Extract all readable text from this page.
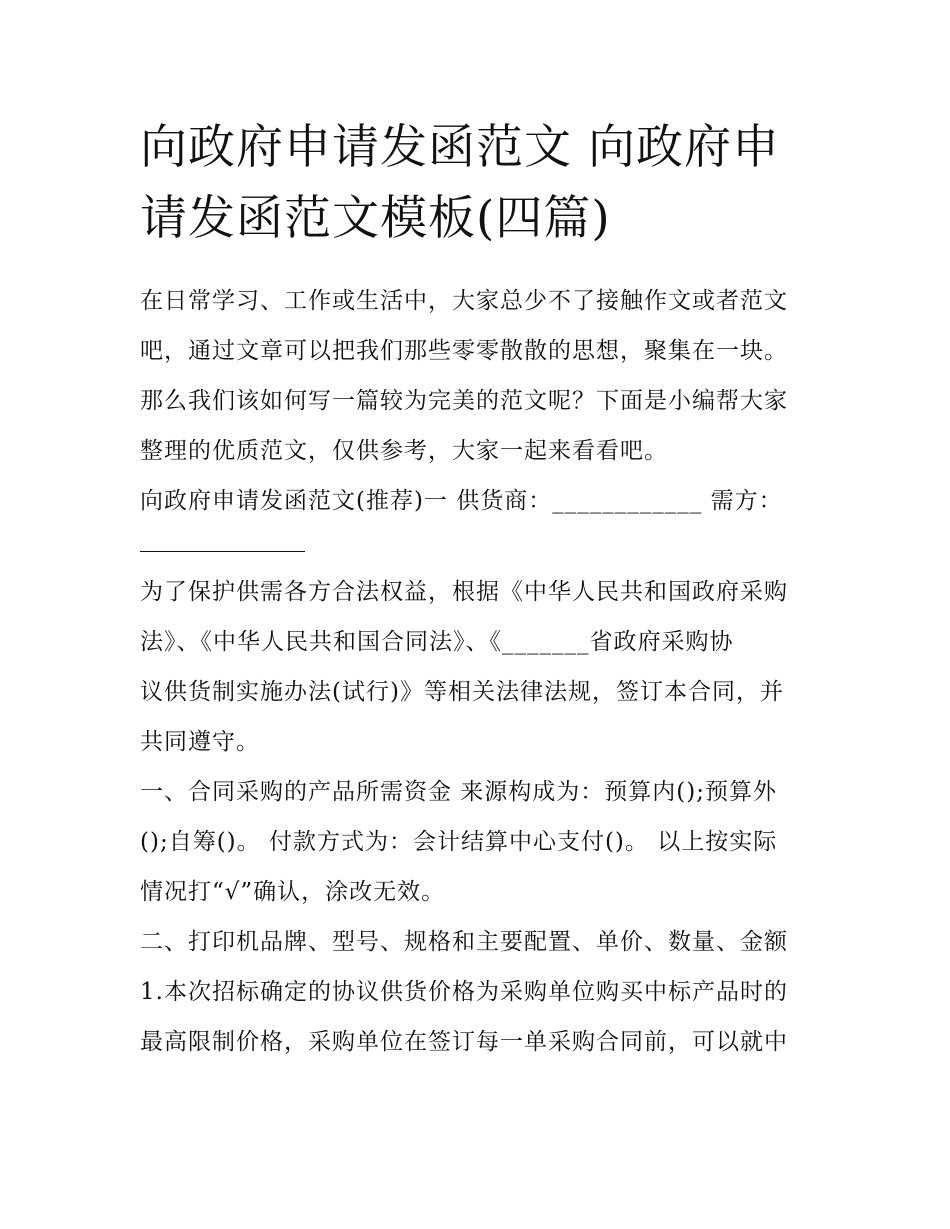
向政府申请发函范文 向政府申
请发函范文模板(四篇)
在日常学习、工作或生活中，大家总少不了接触作文或者范文
吧，通过文章可以把我们那些零零散散的思想，聚集在一块。
那么我们该如何写一篇较为完美的范文呢？下面是小编帮大家
整理的优质范文，仅供参考，大家一起来看看吧。
向政府申请发函范文(推荐)一 供货商：____________ 需方：
为了保护供需各方合法权益，根据《中华人民共和国政府采购
法》、《中华人民共和国合同法》、《_______省政府采购协
议供货制实施办法(试行)》等相关法律法规，签订本合同，并
共同遵守。
一、合同采购的产品所需资金 来源构成为：预算内();预算外
();自筹()。 付款方式为：会计结算中心支付()。 以上按实际
情况打“√”确认，涂改无效。
二、打印机品牌、型号、规格和主要配置、单价、数量、金额
1.本次招标确定的协议供货价格为采购单位购买中标产品时的
最高限制价格，采购单位在签订每一单采购合同前，可以就中
